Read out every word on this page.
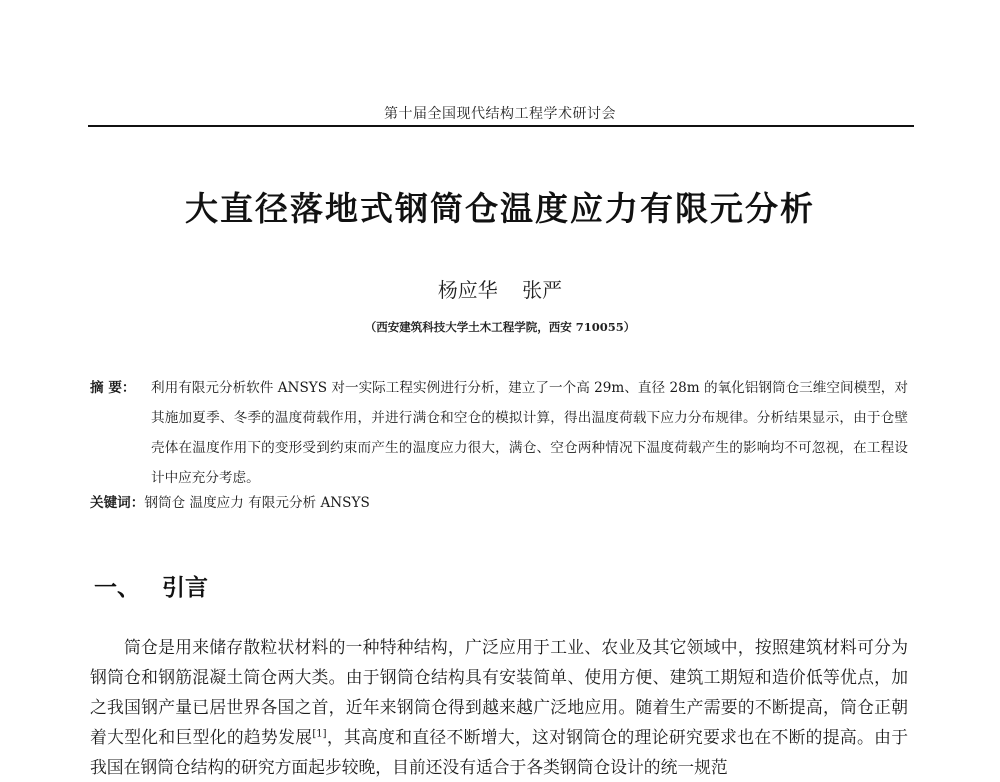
第十届全国现代结构工程学术研讨会
大直径落地式钢筒仓温度应力有限元分析
杨应华 张严
（西安建筑科技大学土木工程学院，西安 710055）
摘 要：	利用有限元分析软件 ANSYS 对一实际工程实例进行分析，建立了一个高 29m、直径 28m 的氧化铝钢筒仓三维空间模型，对其施加夏季、冬季的温度荷载作用，并进行满仓和空仓的模拟计算，得出温度荷载下应力分布规律。分析结果显示，由于仓壁壳体在温度作用下的变形受到约束而产生的温度应力很大，满仓、空仓两种情况下温度荷载产生的影响均不可忽视，在工程设计中应充分考虑。
关键词：钢筒仓 温度应力 有限元分析 ANSYS
一、 引言

筒仓是用来储存散粒状材料的一种特种结构，广泛应用于工业、农业及其它领域中，按照建筑材料可分为钢筒仓和钢筋混凝土筒仓两大类。由于钢筒仓结构具有安装简单、使用方便、建筑工期短和造价低等优点，加之我国钢产量已居世界各国之首，近年来钢筒仓得到越来越广泛地应用。随着生产需要的不断提高，筒仓正朝着大型化和巨型化的趋势发展[1]，其高度和直径不断增大，这对钢筒仓的理论研究要求也在不断的提高。由于我国在钢筒仓结构的研究方面起步较晚，目前还没有适合于各类钢筒仓设计的统一规范
